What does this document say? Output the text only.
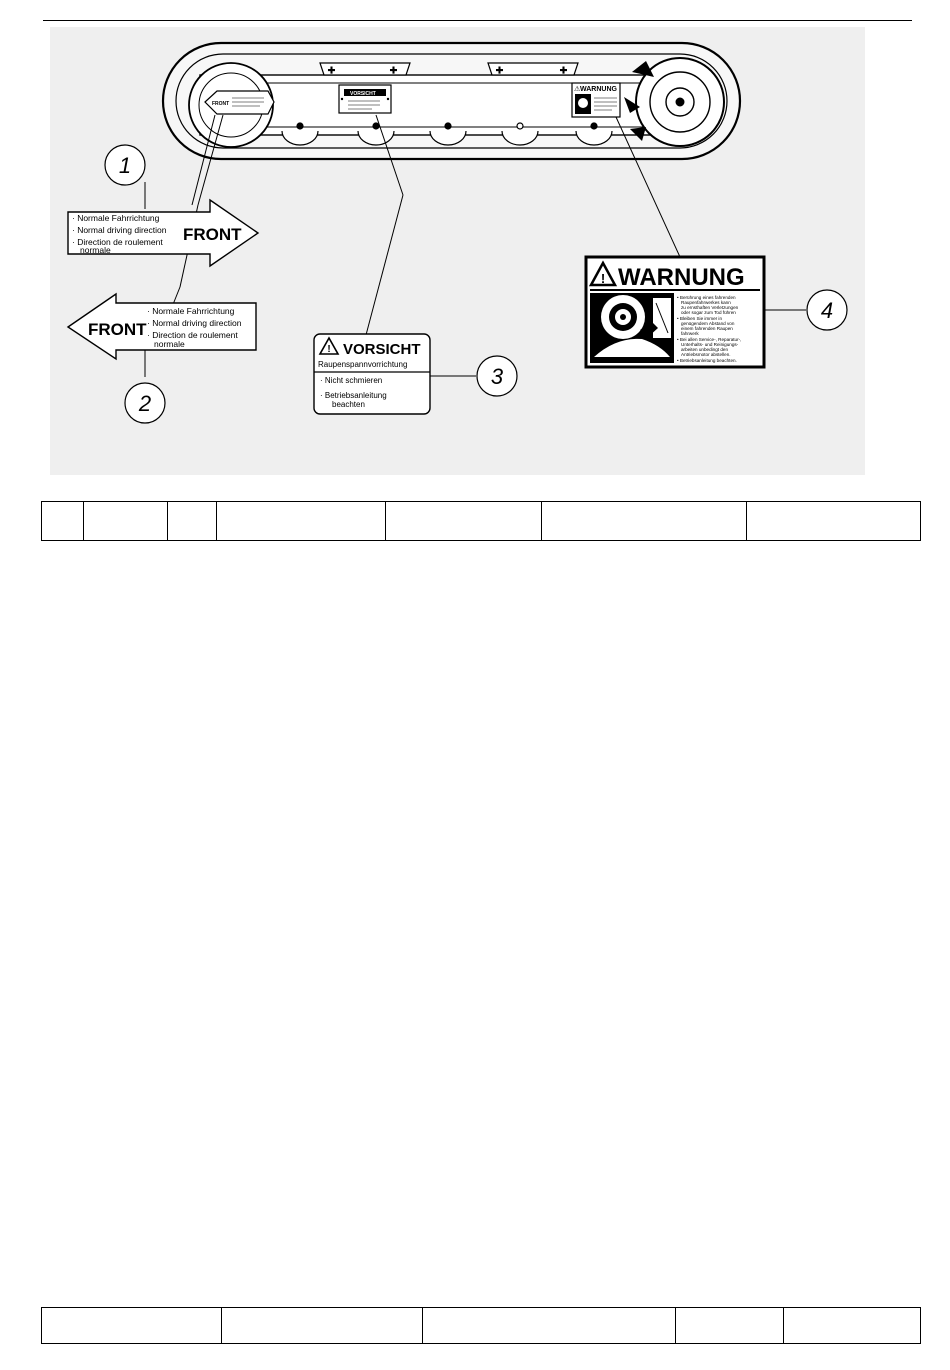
+	+	+	+
FRONT
VORSICHT
WARNUNG
⚠
· Normale Fahrrichtung
· Normal driving direction
· Direction de roulement
normale
FRONT
1
FRONT
· Normale Fahrrichtung
· Normal driving direction
· Direction de roulement
normale
2
! VORSICHT
Raupenspannvorrichtung
· Nicht schmieren
· Betriebsanleitung
beachten
3
! WARNUNG
• Berührung eines fahrenden
Raupenfahrwerkes kann
zu ernsthaften Verletzungen
oder sogar zum Tod führen
• Bleiben Sie immer in
genügendem Abstand von
einem fahrenden Raupen
fahrwerk
• Bei allen Service-, Reparatur-,
Unterhalts- und Reinigungs-
arbeiten unbedingt den
Antriebsmotor abstellen.
• Betriebsanleitung beachten.
4
